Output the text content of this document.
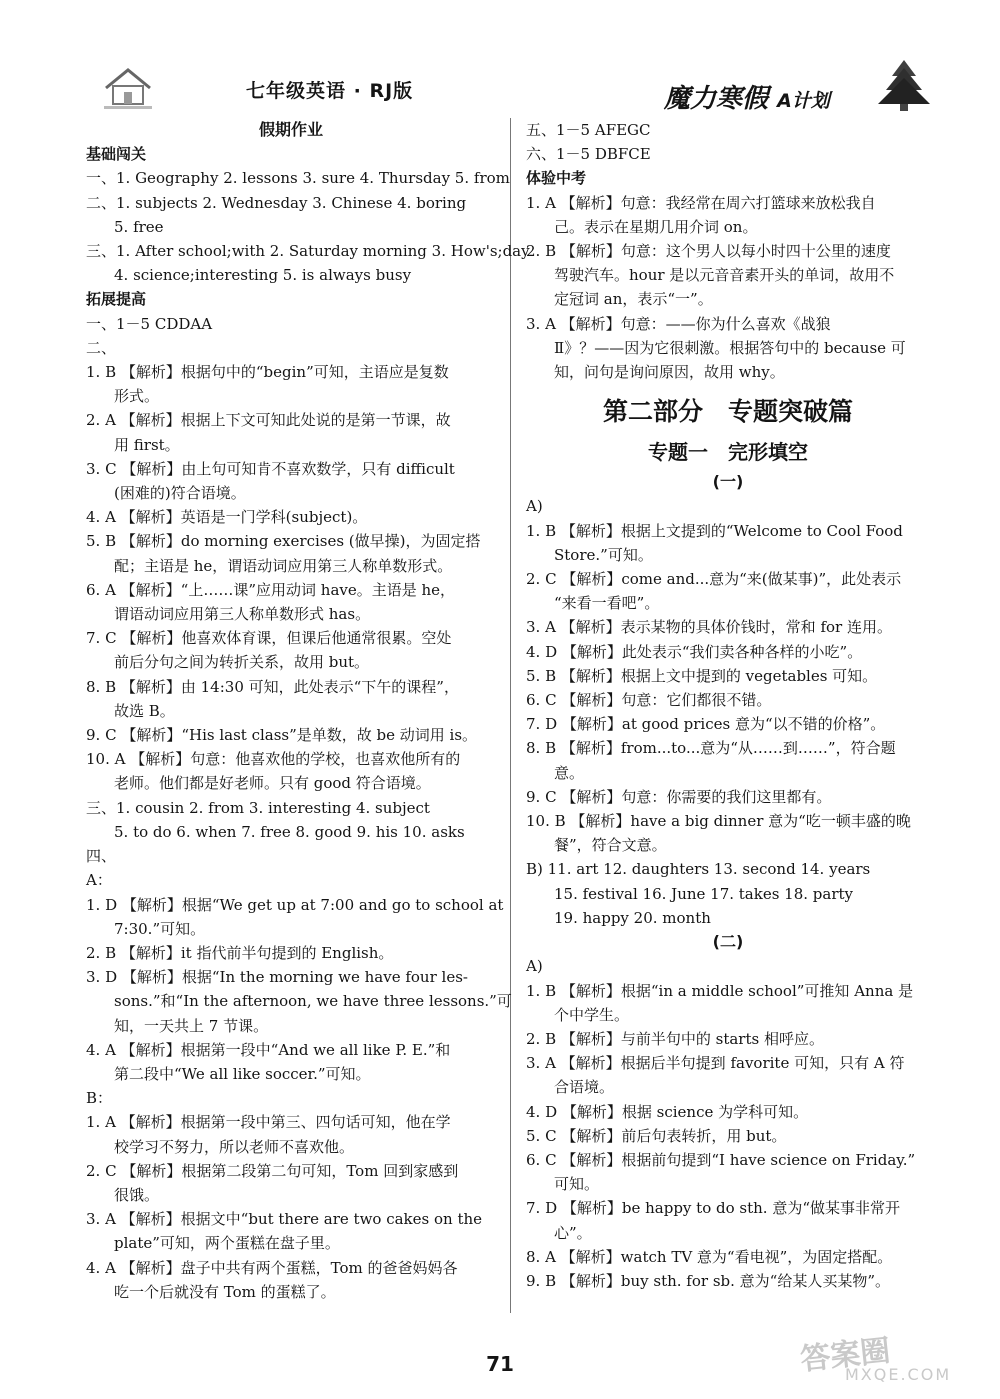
七年级英语 · RJ版	魔力寒假 A计划
假期作业
基础闯关
一、1. Geography 2. lessons 3. sure 4. Thursday 5. from
二、1. subjects 2. Wednesday 3. Chinese 4. boring
5. free
三、1. After school;with 2. Saturday morning 3. How's;day
4. science;interesting 5. is always busy
拓展提高
一、1－5 CDDAA
二、
1. B 【解析】根据句中的“begin”可知，主语应是复数
形式。
2. A 【解析】根据上下文可知此处说的是第一节课，故
用 first。
3. C 【解析】由上句可知肯不喜欢数学，只有 difficult
(困难的)符合语境。
4. A 【解析】英语是一门学科(subject)。
5. B 【解析】do morning exercises (做早操)，为固定搭
配；主语是 he，谓语动词应用第三人称单数形式。
6. A 【解析】“上……课”应用动词 have。主语是 he，
谓语动词应用第三人称单数形式 has。
7. C 【解析】他喜欢体育课，但课后他通常很累。空处
前后分句之间为转折关系，故用 but。
8. B 【解析】由 14:30 可知，此处表示“下午的课程”，
故选 B。
9. C 【解析】“His last class”是单数，故 be 动词用 is。
10. A 【解析】句意：他喜欢他的学校，也喜欢他所有的
老师。他们都是好老师。只有 good 符合语境。
三、1. cousin 2. from 3. interesting 4. subject
5. to do 6. when 7. free 8. good 9. his 10. asks
四、
A：
1. D 【解析】根据“We get up at 7:00 and go to school at
7:30.”可知。
2. B 【解析】it 指代前半句提到的 English。
3. D 【解析】根据“In the morning we have four les-
sons.”和“In the afternoon, we have three lessons.”可
知，一天共上 7 节课。
4. A 【解析】根据第一段中“And we all like P. E.”和
第二段中“We all like soccer.”可知。
B：
1. A 【解析】根据第一段中第三、四句话可知，他在学
校学习不努力，所以老师不喜欢他。
2. C 【解析】根据第二段第二句可知，Tom 回到家感到
很饿。
3. A 【解析】根据文中“but there are two cakes on the
plate”可知，两个蛋糕在盘子里。
4. A 【解析】盘子中共有两个蛋糕，Tom 的爸爸妈妈各
吃一个后就没有 Tom 的蛋糕了。
五、1－5 AFEGC
六、1－5 DBFCE
体验中考
1. A 【解析】句意：我经常在周六打篮球来放松我自
己。表示在星期几用介词 on。
2. B 【解析】句意：这个男人以每小时四十公里的速度
驾驶汽车。hour 是以元音音素开头的单词，故用不
定冠词 an，表示“一”。
3. A 【解析】句意：——你为什么喜欢《战狼
Ⅱ》？——因为它很刺激。根据答句中的 because 可
知，问句是询问原因，故用 why。
第二部分　专题突破篇
专题一　完形填空
(一)
A)
1. B 【解析】根据上文提到的“Welcome to Cool Food
Store.”可知。
2. C 【解析】come and...意为“来(做某事)”，此处表示
“来看一看吧”。
3. A 【解析】表示某物的具体价钱时，常和 for 连用。
4. D 【解析】此处表示“我们卖各种各样的小吃”。
5. B 【解析】根据上文中提到的 vegetables 可知。
6. C 【解析】句意：它们都很不错。
7. D 【解析】at good prices 意为“以不错的价格”。
8. B 【解析】from...to...意为“从……到……”，符合题
意。
9. C 【解析】句意：你需要的我们这里都有。
10. B 【解析】have a big dinner 意为“吃一顿丰盛的晚
餐”，符合文意。
B) 11. art 12. daughters 13. second 14. years
15. festival 16. June 17. takes 18. party
19. happy 20. month
(二)
A)
1. B 【解析】根据“in a middle school”可推知 Anna 是
个中学生。
2. B 【解析】与前半句中的 starts 相呼应。
3. A 【解析】根据后半句提到 favorite 可知，只有 A 符
合语境。
4. D 【解析】根据 science 为学科可知。
5. C 【解析】前后句表转折，用 but。
6. C 【解析】根据前句提到“I have science on Friday.”
可知。
7. D 【解析】be happy to do sth. 意为“做某事非常开
心”。
8. A 【解析】watch TV 意为“看电视”，为固定搭配。
9. B 【解析】buy sth. for sb. 意为“给某人买某物”。
71	答案圈
MXQE.COM
